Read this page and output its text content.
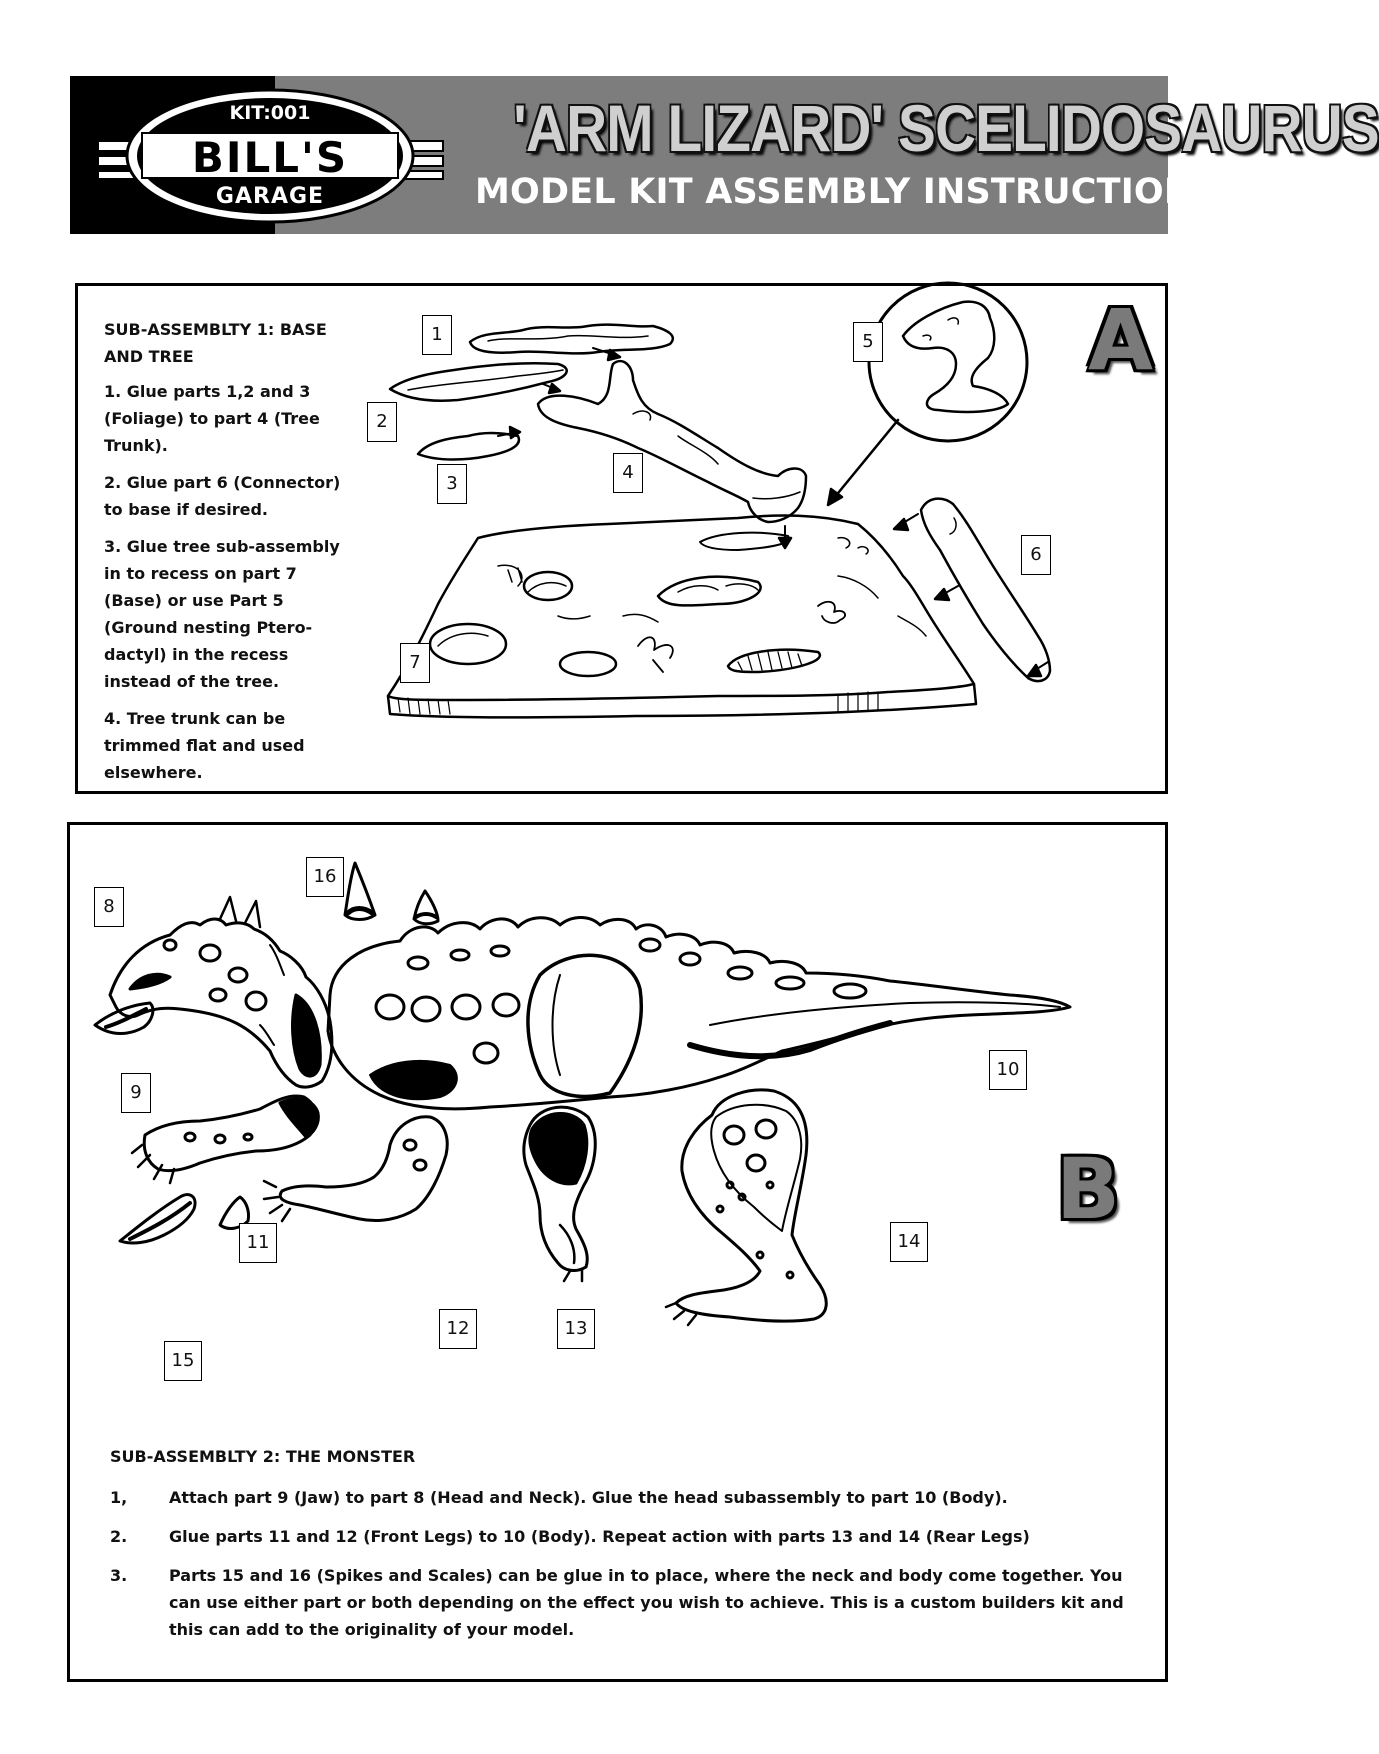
KIT:001
BILL'S
GARAGE
'ARM LIZARD' SCELIDOSAURUS
MODEL KIT ASSEMBLY INSTRUCTIONS

SUB-ASSEMBLTY 1: BASE AND TREE

1. Glue parts 1,2 and 3 (Foliage) to part 4 (Tree Trunk).

2. Glue part 6 (Connector) to base if desired.

3. Glue tree sub-assembly in to recess on part 7 (Base) or use Part 5 (Ground nesting Ptero-dactyl) in the recess instead of the tree.

4. Tree trunk can be trimmed flat and used elsewhere.

1
2
3
4
5
6
7
A
8
9
10
11
12	13
14
15
16
B

SUB-ASSEMBLTY 2: THE MONSTER

1,	Attach part 9 (Jaw) to part 8 (Head and Neck). Glue the head subassembly to part 10 (Body).
2.	Glue parts 11 and 12 (Front Legs) to 10 (Body). Repeat action with parts 13 and 14 (Rear Legs)
3.	Parts 15 and 16 (Spikes and Scales) can be glue in to place, where the neck and body come together. You can use either part or both depending on the effect you wish to achieve. This is a custom builders kit and this can add to the originality of your model.
